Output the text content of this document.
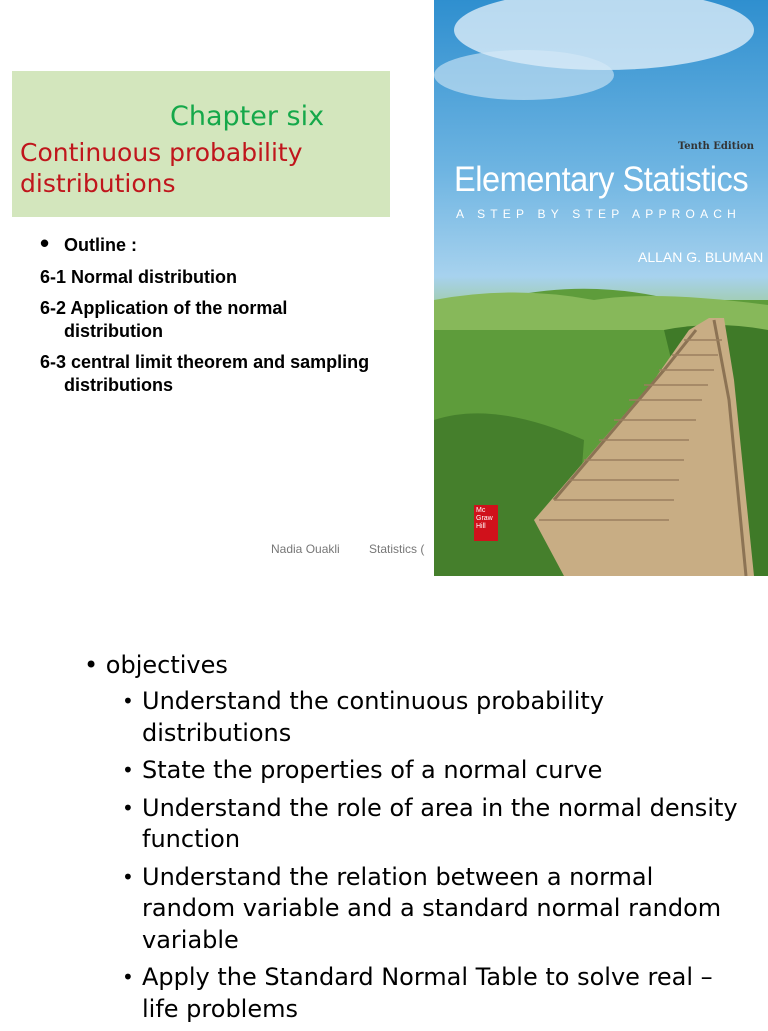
Chapter six
Continuous probability distributions
• Outline :
6-1 Normal distribution
6-2 Application of the normal distribution
6-3 central limit theorem and sampling distributions
Nadia Ouakli Statistics (
Tenth Edition
Elementary Statistics
A STEP BY STEP APPROACH
ALLAN G. BLUMAN
Mc
Graw
Hill
• objectives
• Understand the continuous probability distributions
• State the properties of a normal curve
• Understand the role of area in the normal density function
• Understand the relation between a normal random variable and a standard normal random variable
• Apply the Standard Normal Table to solve real – life problems
